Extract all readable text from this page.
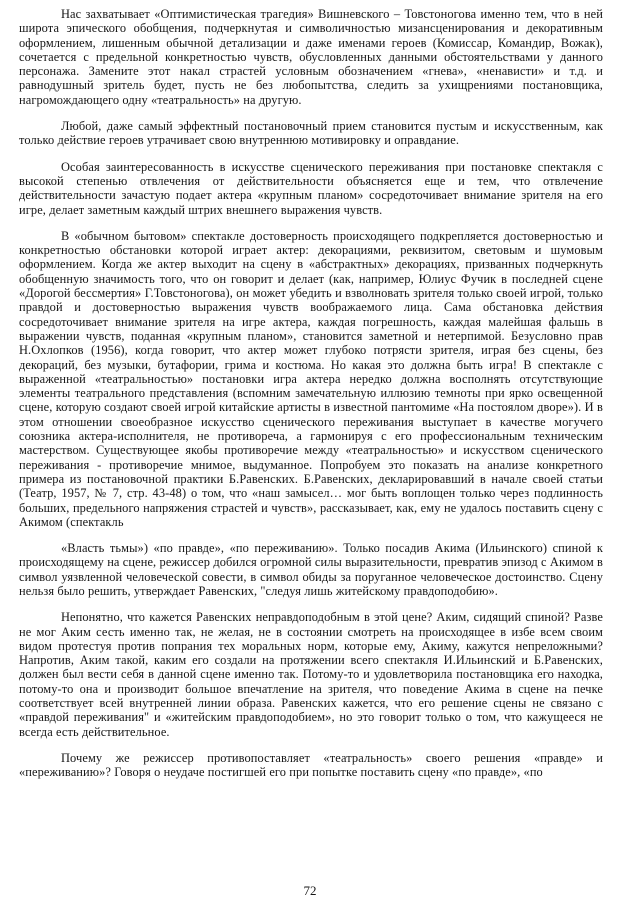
Нас захватывает «Оптимистическая трагедия» Вишневского – Товстоногова именно тем, что в ней широта эпического обобщения, подчеркнутая и символичностью мизансценирования и декоративным оформлением, лишенным обычной детализации и даже именами героев (Комиссар, Командир, Вожак), сочетается с предельной конкретностью чувств, обусловленных данными обстоятельствами у данного персонажа. Замените этот накал страстей условным обозначением «гнева», «ненависти» и т.д. и равнодушный зритель будет, пусть не без любопытства, следить за ухищрениями постановщика, нагромождающего одну «театральность» на другую.

Любой, даже самый эффектный постановочный прием становится пустым и искусственным, как только действие героев утрачивает свою внутреннюю мотивировку и оправдание.

Особая заинтересованность в искусстве сценического переживания при постановке спектакля с высокой степенью отвлечения от действительности объясняется еще и тем, что отвлечение действительности зачастую подает актера «крупным планом» сосредоточивает внимание зрителя на его игре, делает заметным каждый штрих внешнего выражения чувств.

В «обычном бытовом» спектакле достоверность происходящего подкрепляется достоверностью и конкретностью обстановки которой играет актер: декорациями, реквизитом, световым и шумовым оформлением. Когда же актер выходит на сцену в «абстрактных» декорациях, призванных подчеркнуть обобщенную значимость того, что он говорит и делает (как, например, Юлиус Фучик в последней сцене «Дорогой бессмертия» Г.Товстоногова), он может убедить и взволновать зрителя только своей игрой, только правдой и достоверностью выражения чувств воображаемого лица. Сама обстановка действия сосредоточивает внимание зрителя на игре актера, каждая погрешность, каждая малейшая фальшь в выражении чувств, поданная «крупным планом», становится заметной и нетерпимой. Безусловно прав Н.Охлопков (1956), когда говорит, что актер может глубоко потрясти зрителя, играя без сцены, без декораций, без музыки, бутафории, грима и костюма. Но какая это должна быть игра! В спектакле с выраженной «театральностью» постановки игра актера нередко должна восполнять отсутствующие элементы театрального представления (вспомним замечательную иллюзию темноты при ярко освещенной сцене, которую создают своей игрой китайские артисты в известной пантомиме «На постоялом дворе»). И в этом отношении своеобразное искусство сценического переживания выступает в качестве могучего союзника актера-исполнителя, не противореча, а гармонируя с его профессиональным техническим мастерством. Существующее якобы противоречие между «театральностью» и искусством сценического переживания - противоречие мнимое, выдуманное. Попробуем это показать на анализе конкретного примера из постановочной практики Б.Равенских. Б.Равенских, декларировавший в начале своей статьи (Театр, 1957, № 7, стр. 43-48) о том, что «наш замысел… мог быть воплощен только через подлинность больших, предельного напряжения страстей и чувств», рассказывает, как, ему не удалось поставить сцену с Акимом (спектакль

«Власть тьмы») «по правде», «по переживанию». Только посадив Акима (Ильинского) спиной к происходящему на сцене, режиссер добился огромной силы выразительности, превратив эпизод с Акимом в символ уязвленной человеческой совести, в символ обиды за поруганное человеческое достоинство. Сцену нельзя было решить, утверждает Равенских, "следуя лишь житейскому правдоподобию».

Непонятно, что кажется Равенских неправдоподобным в этой цене? Аким, сидящий спиной? Разве не мог Аким сесть именно так, не желая, не в состоянии смотреть на происходящее в избе всем своим видом протестуя против попрания тех моральных норм, которые ему, Акиму, кажутся непреложными? Напротив, Аким такой, каким его создали на протяжении всего спектакля И.Ильинский и Б.Равенских, должен был вести себя в данной сцене именно так. Потому-то и удовлетворила постановщика его находка, потому-то она и производит большое впечатление на зрителя, что поведение Акима в сцене на печке соответствует всей внутренней линии образа. Равенских кажется, что его решение сцены не связано с «правдой переживания" и «житейским правдоподобием», но это говорит только о том, что кажущееся не всегда есть действительное.

Почему же режиссер противопоставляет «театральность» своего решения «правде» и «переживанию»? Говоря о неудаче постигшей его при попытке поставить сцену «по правде», «по

72
